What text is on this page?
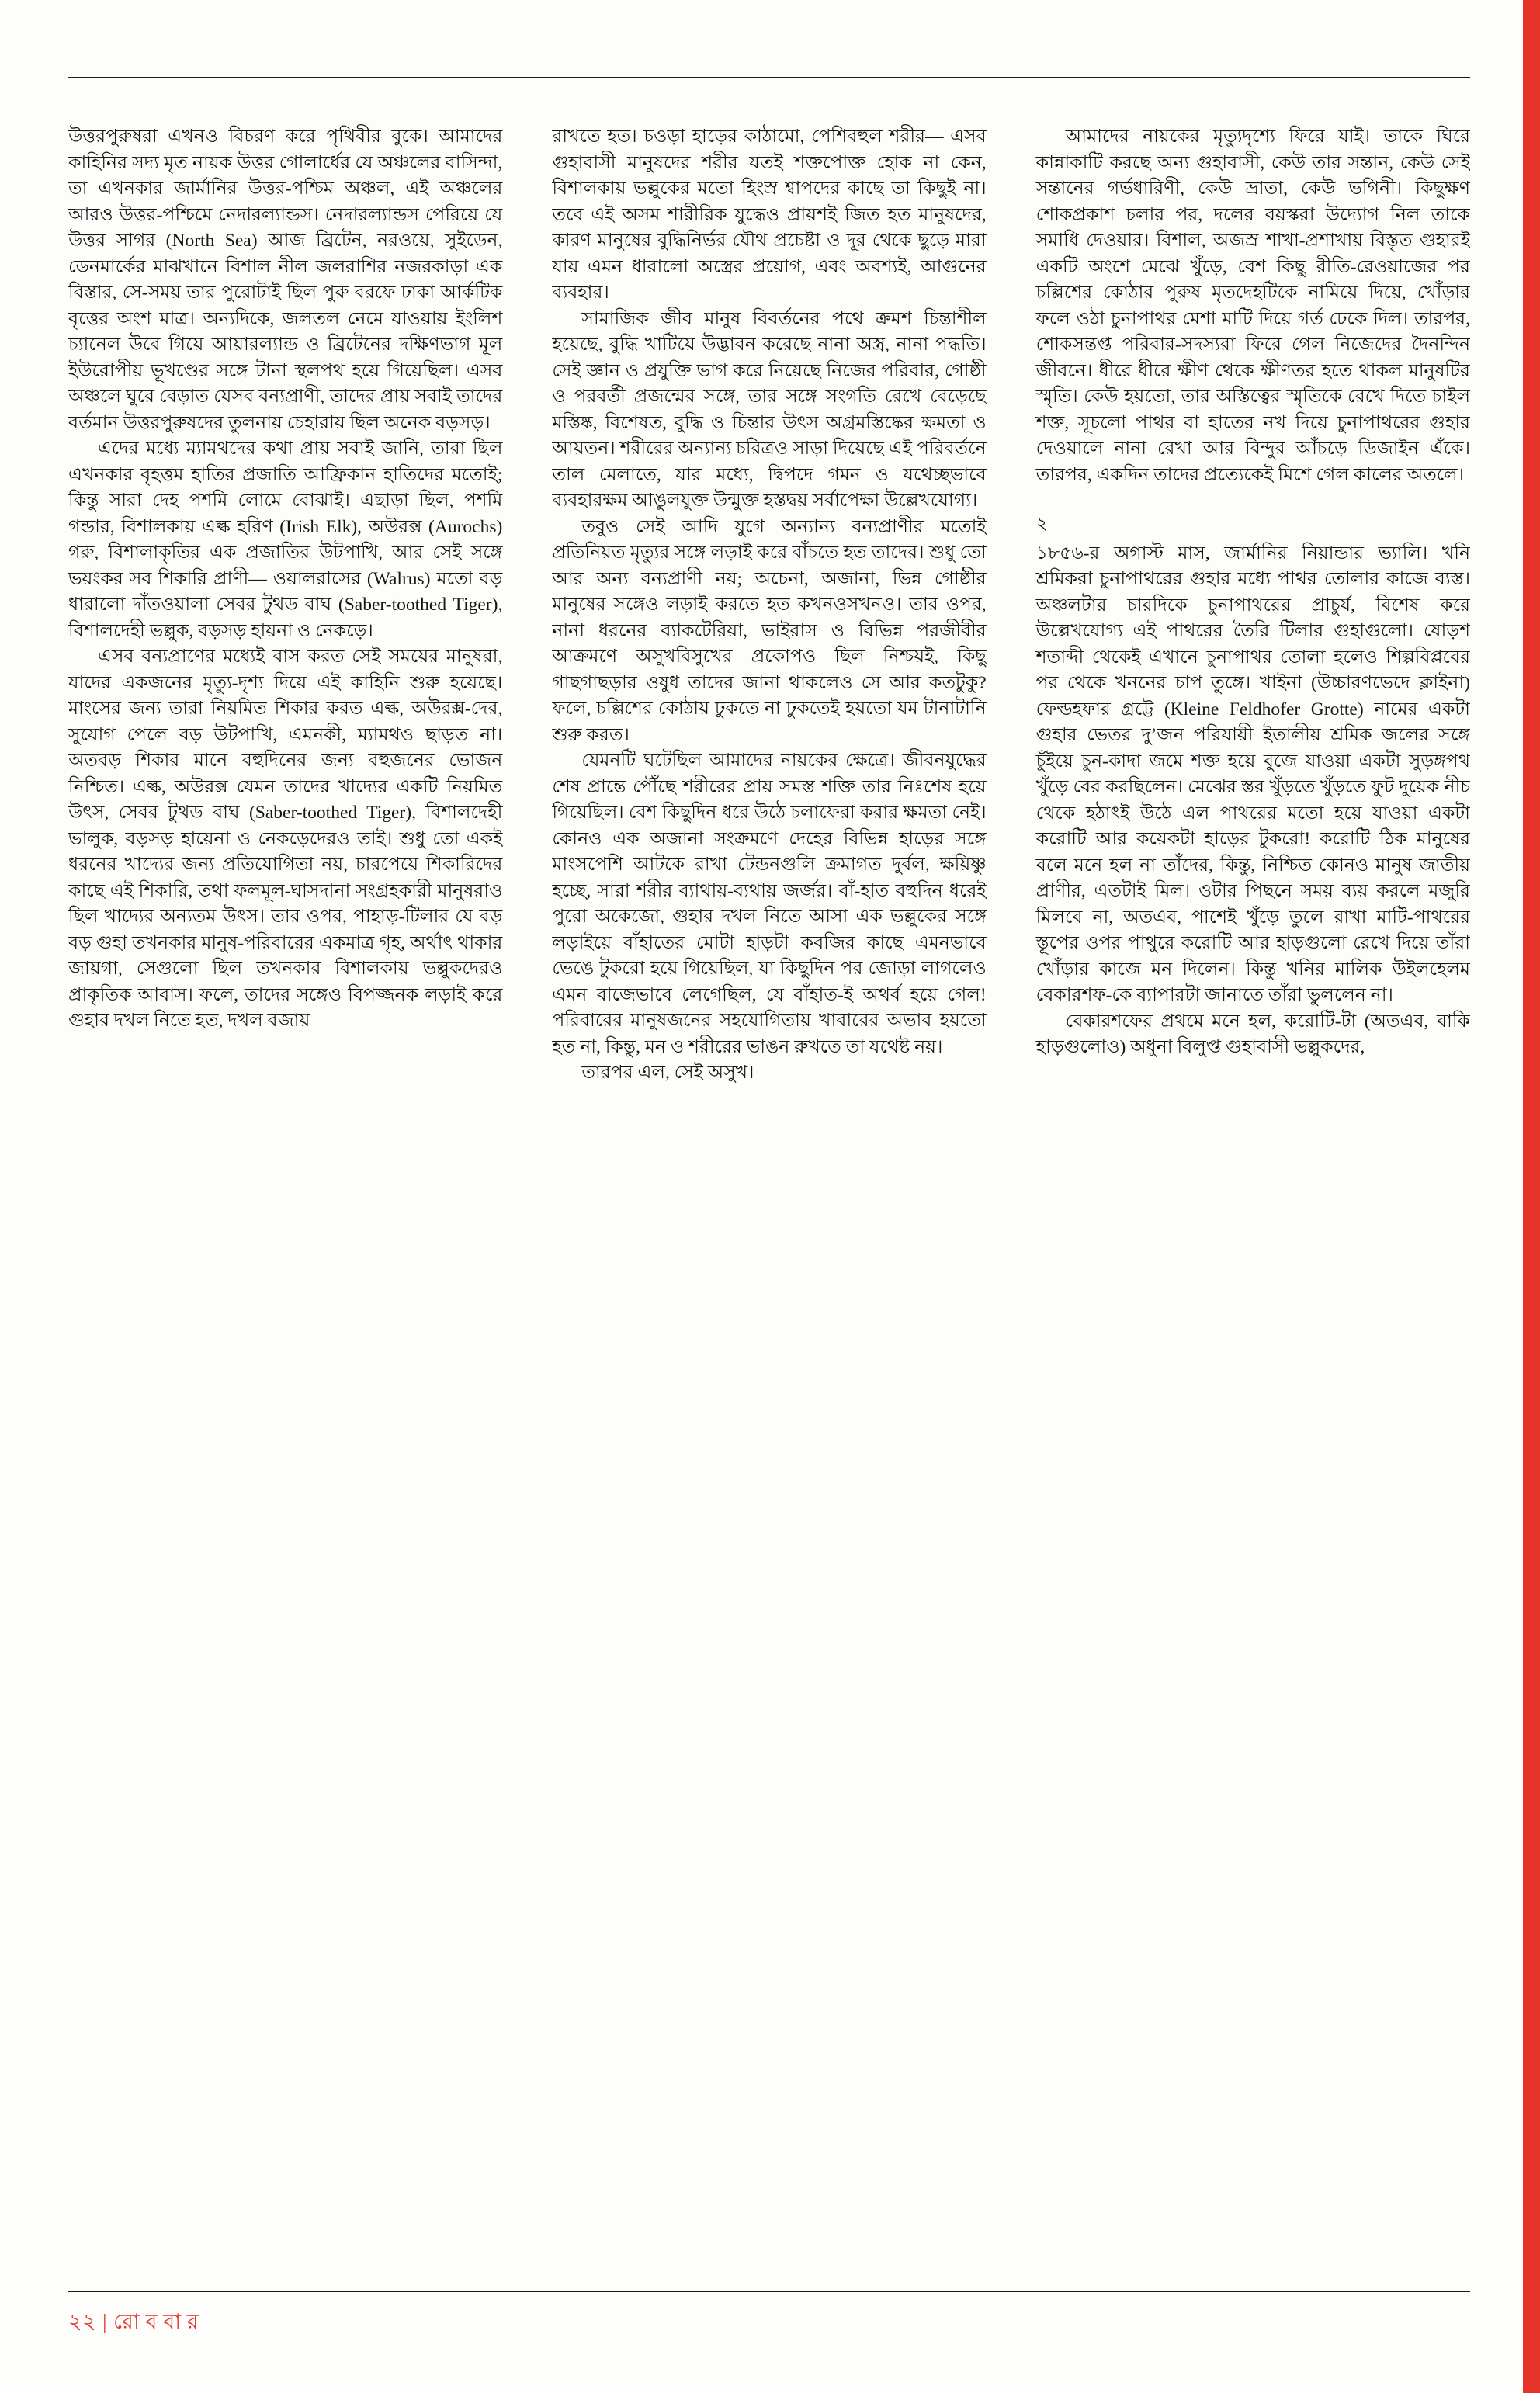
উত্তরপুরুষরা এখনও বিচরণ করে পৃথিবীর বুকে। আমাদের কাহিনির সদ্য মৃত নায়ক উত্তর গোলার্ধের যে অঞ্চলের বাসিন্দা, তা এখনকার জার্মানির উত্তর-পশ্চিম অঞ্চল, এই অঞ্চলের আরও উত্তর-পশ্চিমে নেদারল্যান্ডস। নেদারল্যান্ডস পেরিয়ে যে উত্তর সাগর (North Sea) আজ ব্রিটেন, নরওয়ে, সুইডেন, ডেনমার্কের মাঝখানে বিশাল নীল জলরাশির নজরকাড়া এক বিস্তার, সে-সময় তার পুরোটাই ছিল পুরু বরফে ঢাকা আর্কটিক বৃত্তের অংশ মাত্র। অন্যদিকে, জলতল নেমে যাওয়ায় ইংলিশ চ্যানেল উবে গিয়ে আয়ারল্যান্ড ও ব্রিটেনের দক্ষিণভাগ মূল ইউরোপীয় ভূখণ্ডের সঙ্গে টানা স্থলপথ হয়ে গিয়েছিল। এসব অঞ্চলে ঘুরে বেড়াত যেসব বন্যপ্রাণী, তাদের প্রায় সবাই তাদের বর্তমান উত্তরপুরুষদের তুলনায় চেহারায় ছিল অনেক বড়সড়।

এদের মধ্যে ম্যামথদের কথা প্রায় সবাই জানি, তারা ছিল এখনকার বৃহত্তম হাতির প্রজাতি আফ্রিকান হাতিদের মতোই; কিন্তু সারা দেহ পশমি লোমে বোঝাই। এছাড়া ছিল, পশমি গন্ডার, বিশালকায় এল্ক হরিণ (Irish Elk), অউরক্স (Aurochs) গরু, বিশালাকৃতির এক প্রজাতির উটপাখি, আর সেই সঙ্গে ভয়ংকর সব শিকারি প্রাণী— ওয়ালরাসের (Walrus) মতো বড় ধারালো দাঁতওয়ালা সেবর টুথড বাঘ (Saber-toothed Tiger), বিশালদেহী ভল্লুক, বড়সড় হায়না ও নেকড়ে।

এসব বন্যপ্রাণের মধ্যেই বাস করত সেই সময়ের মানুষরা, যাদের একজনের মৃত্যু-দৃশ্য দিয়ে এই কাহিনি শুরু হয়েছে। মাংসের জন্য তারা নিয়মিত শিকার করত এল্ক, অউরক্স-দের, সুযোগ পেলে বড় উটপাখি, এমনকী, ম্যামথও ছাড়ত না। অতবড় শিকার মানে বহুদিনের জন্য বহুজনের ভোজন নিশ্চিত। এল্ক, অউরক্স যেমন তাদের খাদ্যের একটি নিয়মিত উৎস, সেবর টুথড বাঘ (Saber-toothed Tiger), বিশালদেহী ভালুক, বড়সড় হায়েনা ও নেকড়েদেরও তাই। শুধু তো একই ধরনের খাদ্যের জন্য প্রতিযোগিতা নয়, চারপেয়ে শিকারিদের কাছে এই শিকারি, তথা ফলমূল-ঘাসদানা সংগ্রহকারী মানুষরাও ছিল খাদ্যের অন্যতম উৎস। তার ওপর, পাহাড়-টিলার যে বড় বড় গুহা তখনকার মানুষ-পরিবারের একমাত্র গৃহ, অর্থাৎ থাকার জায়গা, সেগুলো ছিল তখনকার বিশালকায় ভল্লুকদেরও প্রাকৃতিক আবাস। ফলে, তাদের সঙ্গেও বিপজ্জনক লড়াই করে গুহার দখল নিতে হত, দখল বজায়

রাখতে হত। চওড়া হাড়ের কাঠামো, পেশিবহুল শরীর— এসব গুহাবাসী মানুষদের শরীর যতই শক্তপোক্ত হোক না কেন, বিশালকায় ভল্লুকের মতো হিংস্র শ্বাপদের কাছে তা কিছুই না। তবে এই অসম শারীরিক যুদ্ধেও প্রায়শই জিত হত মানুষদের, কারণ মানুষের বুদ্ধিনির্ভর যৌথ প্রচেষ্টা ও দূর থেকে ছুড়ে মারা যায় এমন ধারালো অস্ত্রের প্রয়োগ, এবং অবশ্যই, আগুনের ব্যবহার।

সামাজিক জীব মানুষ বিবর্তনের পথে ক্রমশ চিন্তাশীল হয়েছে, বুদ্ধি খাটিয়ে উদ্ভাবন করেছে নানা অস্ত্র, নানা পদ্ধতি। সেই জ্ঞান ও প্রযুক্তি ভাগ করে নিয়েছে নিজের পরিবার, গোষ্ঠী ও পরবর্তী প্রজন্মের সঙ্গে, তার সঙ্গে সংগতি রেখে বেড়েছে মস্তিষ্ক, বিশেষত, বুদ্ধি ও চিন্তার উৎস অগ্রমস্তিষ্কের ক্ষমতা ও আয়তন। শরীরের অন্যান্য চরিত্রও সাড়া দিয়েছে এই পরিবর্তনে তাল মেলাতে, যার মধ্যে, দ্বিপদে গমন ও যথেচ্ছভাবে ব্যবহারক্ষম আঙুলযুক্ত উন্মুক্ত হস্তদ্বয় সর্বাপেক্ষা উল্লেখযোগ্য।

তবুও সেই আদি যুগে অন্যান্য বন্যপ্রাণীর মতোই প্রতিনিয়ত মৃত্যুর সঙ্গে লড়াই করে বাঁচতে হত তাদের। শুধু তো আর অন্য বন্যপ্রাণী নয়; অচেনা, অজানা, ভিন্ন গোষ্ঠীর মানুষের সঙ্গেও লড়াই করতে হত কখনওসখনও। তার ওপর, নানা ধরনের ব্যাকটেরিয়া, ভাইরাস ও বিভিন্ন পরজীবীর আক্রমণে অসুখবিসুখের প্রকোপও ছিল নিশ্চয়ই, কিছু গাছগাছড়ার ওষুধ তাদের জানা থাকলেও সে আর কতটুকু? ফলে, চল্লিশের কোঠায় ঢুকতে না ঢুকতেই হয়তো যম টানাটানি শুরু করত।

যেমনটি ঘটেছিল আমাদের নায়কের ক্ষেত্রে। জীবনযুদ্ধের শেষ প্রান্তে পৌঁছে শরীরের প্রায় সমস্ত শক্তি তার নিঃশেষ হয়ে গিয়েছিল। বেশ কিছুদিন ধরে উঠে চলাফেরা করার ক্ষমতা নেই। কোনও এক অজানা সংক্রমণে দেহের বিভিন্ন হাড়ের সঙ্গে মাংসপেশি আটকে রাখা টেন্ডনগুলি ক্রমাগত দুর্বল, ক্ষয়িষ্ণু হচ্ছে, সারা শরীর ব্যাথায়-ব্যথায় জর্জর। বাঁ-হাত বহুদিন ধরেই পুরো অকেজো, গুহার দখল নিতে আসা এক ভল্লুকের সঙ্গে লড়াইয়ে বাঁহাতের মোটা হাড়টা কবজির কাছে এমনভাবে ভেঙে টুকরো হয়ে গিয়েছিল, যা কিছুদিন পর জোড়া লাগলেও এমন বাজেভাবে লেগেছিল, যে বাঁহাত-ই অথর্ব হয়ে গেল! পরিবারের মানুষজনের সহযোগিতায় খাবারের অভাব হয়তো হত না, কিন্তু, মন ও শরীরের ভাঙন রুখতে তা যথেষ্ট নয়।

তারপর এল, সেই অসুখ।

আমাদের নায়কের মৃত্যুদৃশ্যে ফিরে যাই। তাকে ঘিরে কান্নাকাটি করছে অন্য গুহাবাসী, কেউ তার সন্তান, কেউ সেই সন্তানের গর্ভধারিণী, কেউ ভ্রাতা, কেউ ভগিনী। কিছুক্ষণ শোকপ্রকাশ চলার পর, দলের বয়স্করা উদ্যোগ নিল তাকে সমাধি দেওয়ার। বিশাল, অজস্র শাখা-প্রশাখায় বিস্তৃত গুহারই একটি অংশে মেঝে খুঁড়ে, বেশ কিছু রীতি-রেওয়াজের পর চল্লিশের কোঠার পুরুষ মৃতদেহটিকে নামিয়ে দিয়ে, খোঁড়ার ফলে ওঠা চুনাপাথর মেশা মাটি দিয়ে গর্ত ঢেকে দিল। তারপর, শোকসন্তপ্ত পরিবার-সদস্যরা ফিরে গেল নিজেদের দৈনন্দিন জীবনে। ধীরে ধীরে ক্ষীণ থেকে ক্ষীণতর হতে থাকল মানুষটির স্মৃতি। কেউ হয়তো, তার অস্তিত্বের স্মৃতিকে রেখে দিতে চাইল শক্ত, সূচলো পাথর বা হাতের নখ দিয়ে চুনাপাথরের গুহার দেওয়ালে নানা রেখা আর বিন্দুর আঁচড়ে ডিজাইন এঁকে। তারপর, একদিন তাদের প্রত্যেকেই মিশে গেল কালের অতলে।

২

১৮৫৬-র অগাস্ট মাস, জার্মানির নিয়ান্ডার ভ্যালি। খনি শ্রমিকরা চুনাপাথরের গুহার মধ্যে পাথর তোলার কাজে ব্যস্ত। অঞ্চলটার চারদিকে চুনাপাথরের প্রাচুর্য, বিশেষ করে উল্লেখযোগ্য এই পাথরের তৈরি টিলার গুহাগুলো। ষোড়শ শতাব্দী থেকেই এখানে চুনাপাথর তোলা হলেও শিল্পবিপ্লবের পর থেকে খননের চাপ তুঙ্গে। খাইনা (উচ্চারণভেদে ক্লাইনা) ফেল্ডহফার গ্রট্টে (Kleine Feldhofer Grotte) নামের একটা গুহার ভেতর দু’জন পরিযায়ী ইতালীয় শ্রমিক জলের সঙ্গে চুঁইয়ে চুন-কাদা জমে শক্ত হয়ে বুজে যাওয়া একটা সুড়ঙ্গপথ খুঁড়ে বের করছিলেন। মেঝের স্তর খুঁড়তে খুঁড়তে ফুট দুয়েক নীচ থেকে হঠাৎই উঠে এল পাথরের মতো হয়ে যাওয়া একটা করোটি আর কয়েকটা হাড়ের টুকরো! করোটি ঠিক মানুষের বলে মনে হল না তাঁদের, কিন্তু, নিশ্চিত কোনও মানুষ জাতীয় প্রাণীর, এতটাই মিল। ওটার পিছনে সময় ব্যয় করলে মজুরি মিলবে না, অতএব, পাশেই খুঁড়ে তুলে রাখা মাটি-পাথরের স্তূপের ওপর পাথুরে করোটি আর হাড়গুলো রেখে দিয়ে তাঁরা খোঁড়ার কাজে মন দিলেন। কিন্তু খনির মালিক উইলহেলম বেকারশফ-কে ব্যাপারটা জানাতে তাঁরা ভুললেন না।

বেকারশফের প্রথমে মনে হল, করোটি-টা (অতএব, বাকি হাড়গুলোও) অধুনা বিলুপ্ত গুহাবাসী ভল্লুকদের,

২২ | রো ব বা র
